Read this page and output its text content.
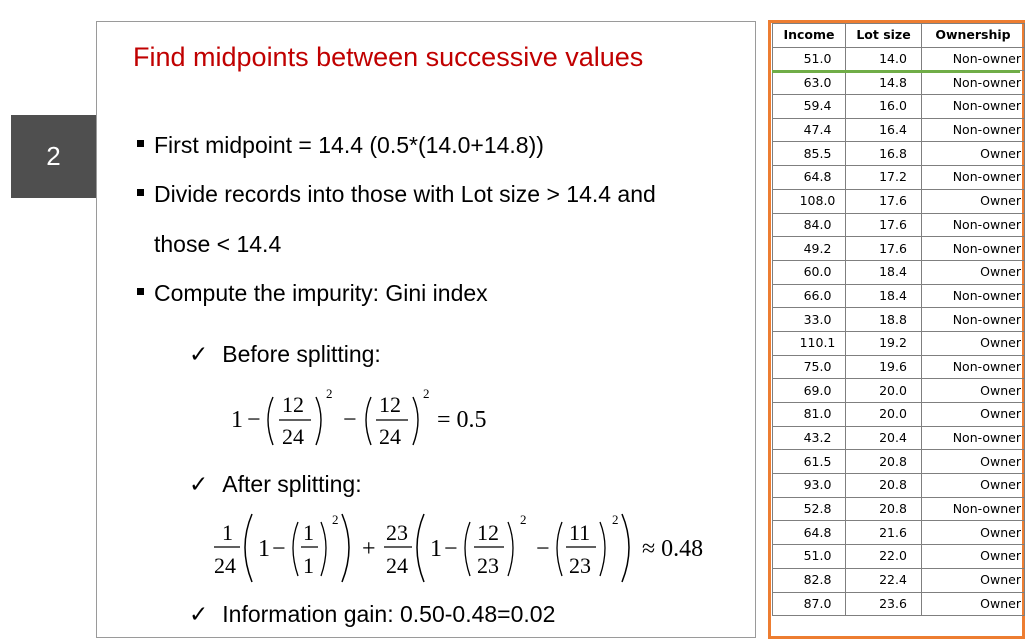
2
Find midpoints between successive values
First midpoint = 14.4 (0.5*(14.0+14.8))
Divide records into those with Lot size > 14.4 and
those < 14.4
Compute the impurity: Gini index
✓ Before splitting:
1 −
12
24
2
−
12
24
2
= 0.5
✓ After splitting:
1
24
1 −
1
1
2
+
23
24
1 −
12
23
2
−
11
23
2
≈ 0.48
✓ Information gain: 0.50-0.48=0.02
Income	Lot size	Ownership
51.0	14.0	Non-owner
63.0	14.8	Non-owner
59.4	16.0	Non-owner
47.4	16.4	Non-owner
85.5	16.8	Owner
64.8	17.2	Non-owner
108.0	17.6	Owner
84.0	17.6	Non-owner
49.2	17.6	Non-owner
60.0	18.4	Owner
66.0	18.4	Non-owner
33.0	18.8	Non-owner
110.1	19.2	Owner
75.0	19.6	Non-owner
69.0	20.0	Owner
81.0	20.0	Owner
43.2	20.4	Non-owner
61.5	20.8	Owner
93.0	20.8	Owner
52.8	20.8	Non-owner
64.8	21.6	Owner
51.0	22.0	Owner
82.8	22.4	Owner
87.0	23.6	Owner
